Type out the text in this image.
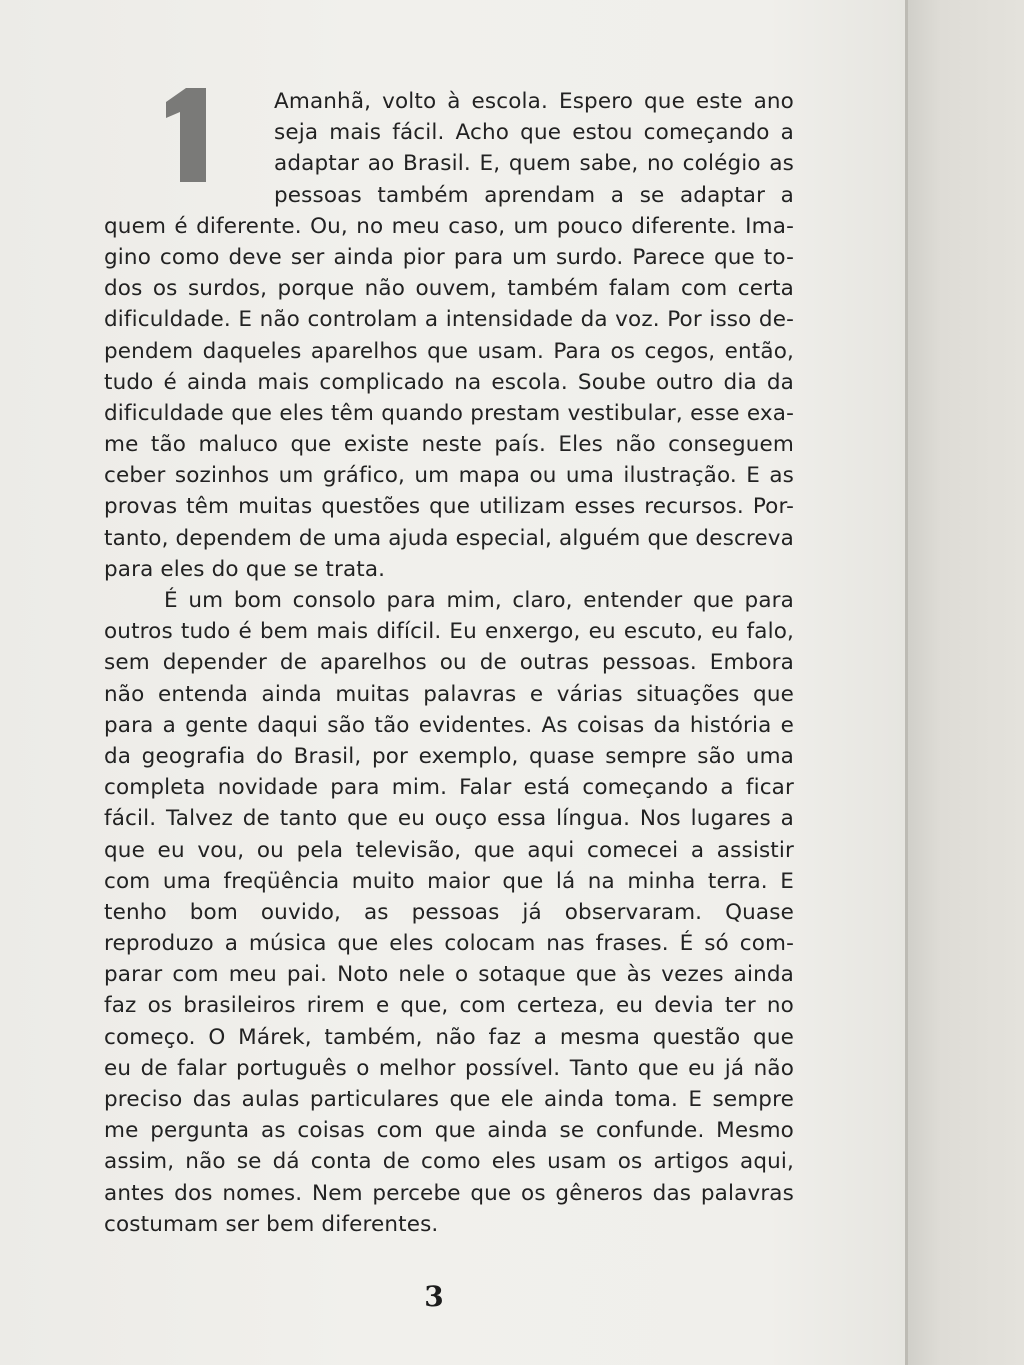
1
Amanhã, volto à escola. Espero que este ano
seja mais fácil. Acho que estou começando a
adaptar ao Brasil. E, quem sabe, no colégio as
pessoas também aprendam a se adaptar a
quem é diferente. Ou, no meu caso, um pouco diferente. Ima-
gino como deve ser ainda pior para um surdo. Parece que to-
dos os surdos, porque não ouvem, também falam com certa
dificuldade. E não controlam a intensidade da voz. Por isso de-
pendem daqueles aparelhos que usam. Para os cegos, então,
tudo é ainda mais complicado na escola. Soube outro dia da
dificuldade que eles têm quando prestam vestibular, esse exa-
me tão maluco que existe neste país. Eles não conseguem
ceber sozinhos um gráfico, um mapa ou uma ilustração. E as
provas têm muitas questões que utilizam esses recursos. Por-
tanto, dependem de uma ajuda especial, alguém que descreva
para eles do que se trata.
É um bom consolo para mim, claro, entender que para
outros tudo é bem mais difícil. Eu enxergo, eu escuto, eu falo,
sem depender de aparelhos ou de outras pessoas. Embora
não entenda ainda muitas palavras e várias situações que
para a gente daqui são tão evidentes. As coisas da história e
da geografia do Brasil, por exemplo, quase sempre são uma
completa novidade para mim. Falar está começando a ficar
fácil. Talvez de tanto que eu ouço essa língua. Nos lugares a
que eu vou, ou pela televisão, que aqui comecei a assistir
com uma freqüência muito maior que lá na minha terra. E
tenho bom ouvido, as pessoas já observaram. Quase
reproduzo a música que eles colocam nas frases. É só com-
parar com meu pai. Noto nele o sotaque que às vezes ainda
faz os brasileiros rirem e que, com certeza, eu devia ter no
começo. O Márek, também, não faz a mesma questão que
eu de falar português o melhor possível. Tanto que eu já não
preciso das aulas particulares que ele ainda toma. E sempre
me pergunta as coisas com que ainda se confunde. Mesmo
assim, não se dá conta de como eles usam os artigos aqui,
antes dos nomes. Nem percebe que os gêneros das palavras
costumam ser bem diferentes.
3
